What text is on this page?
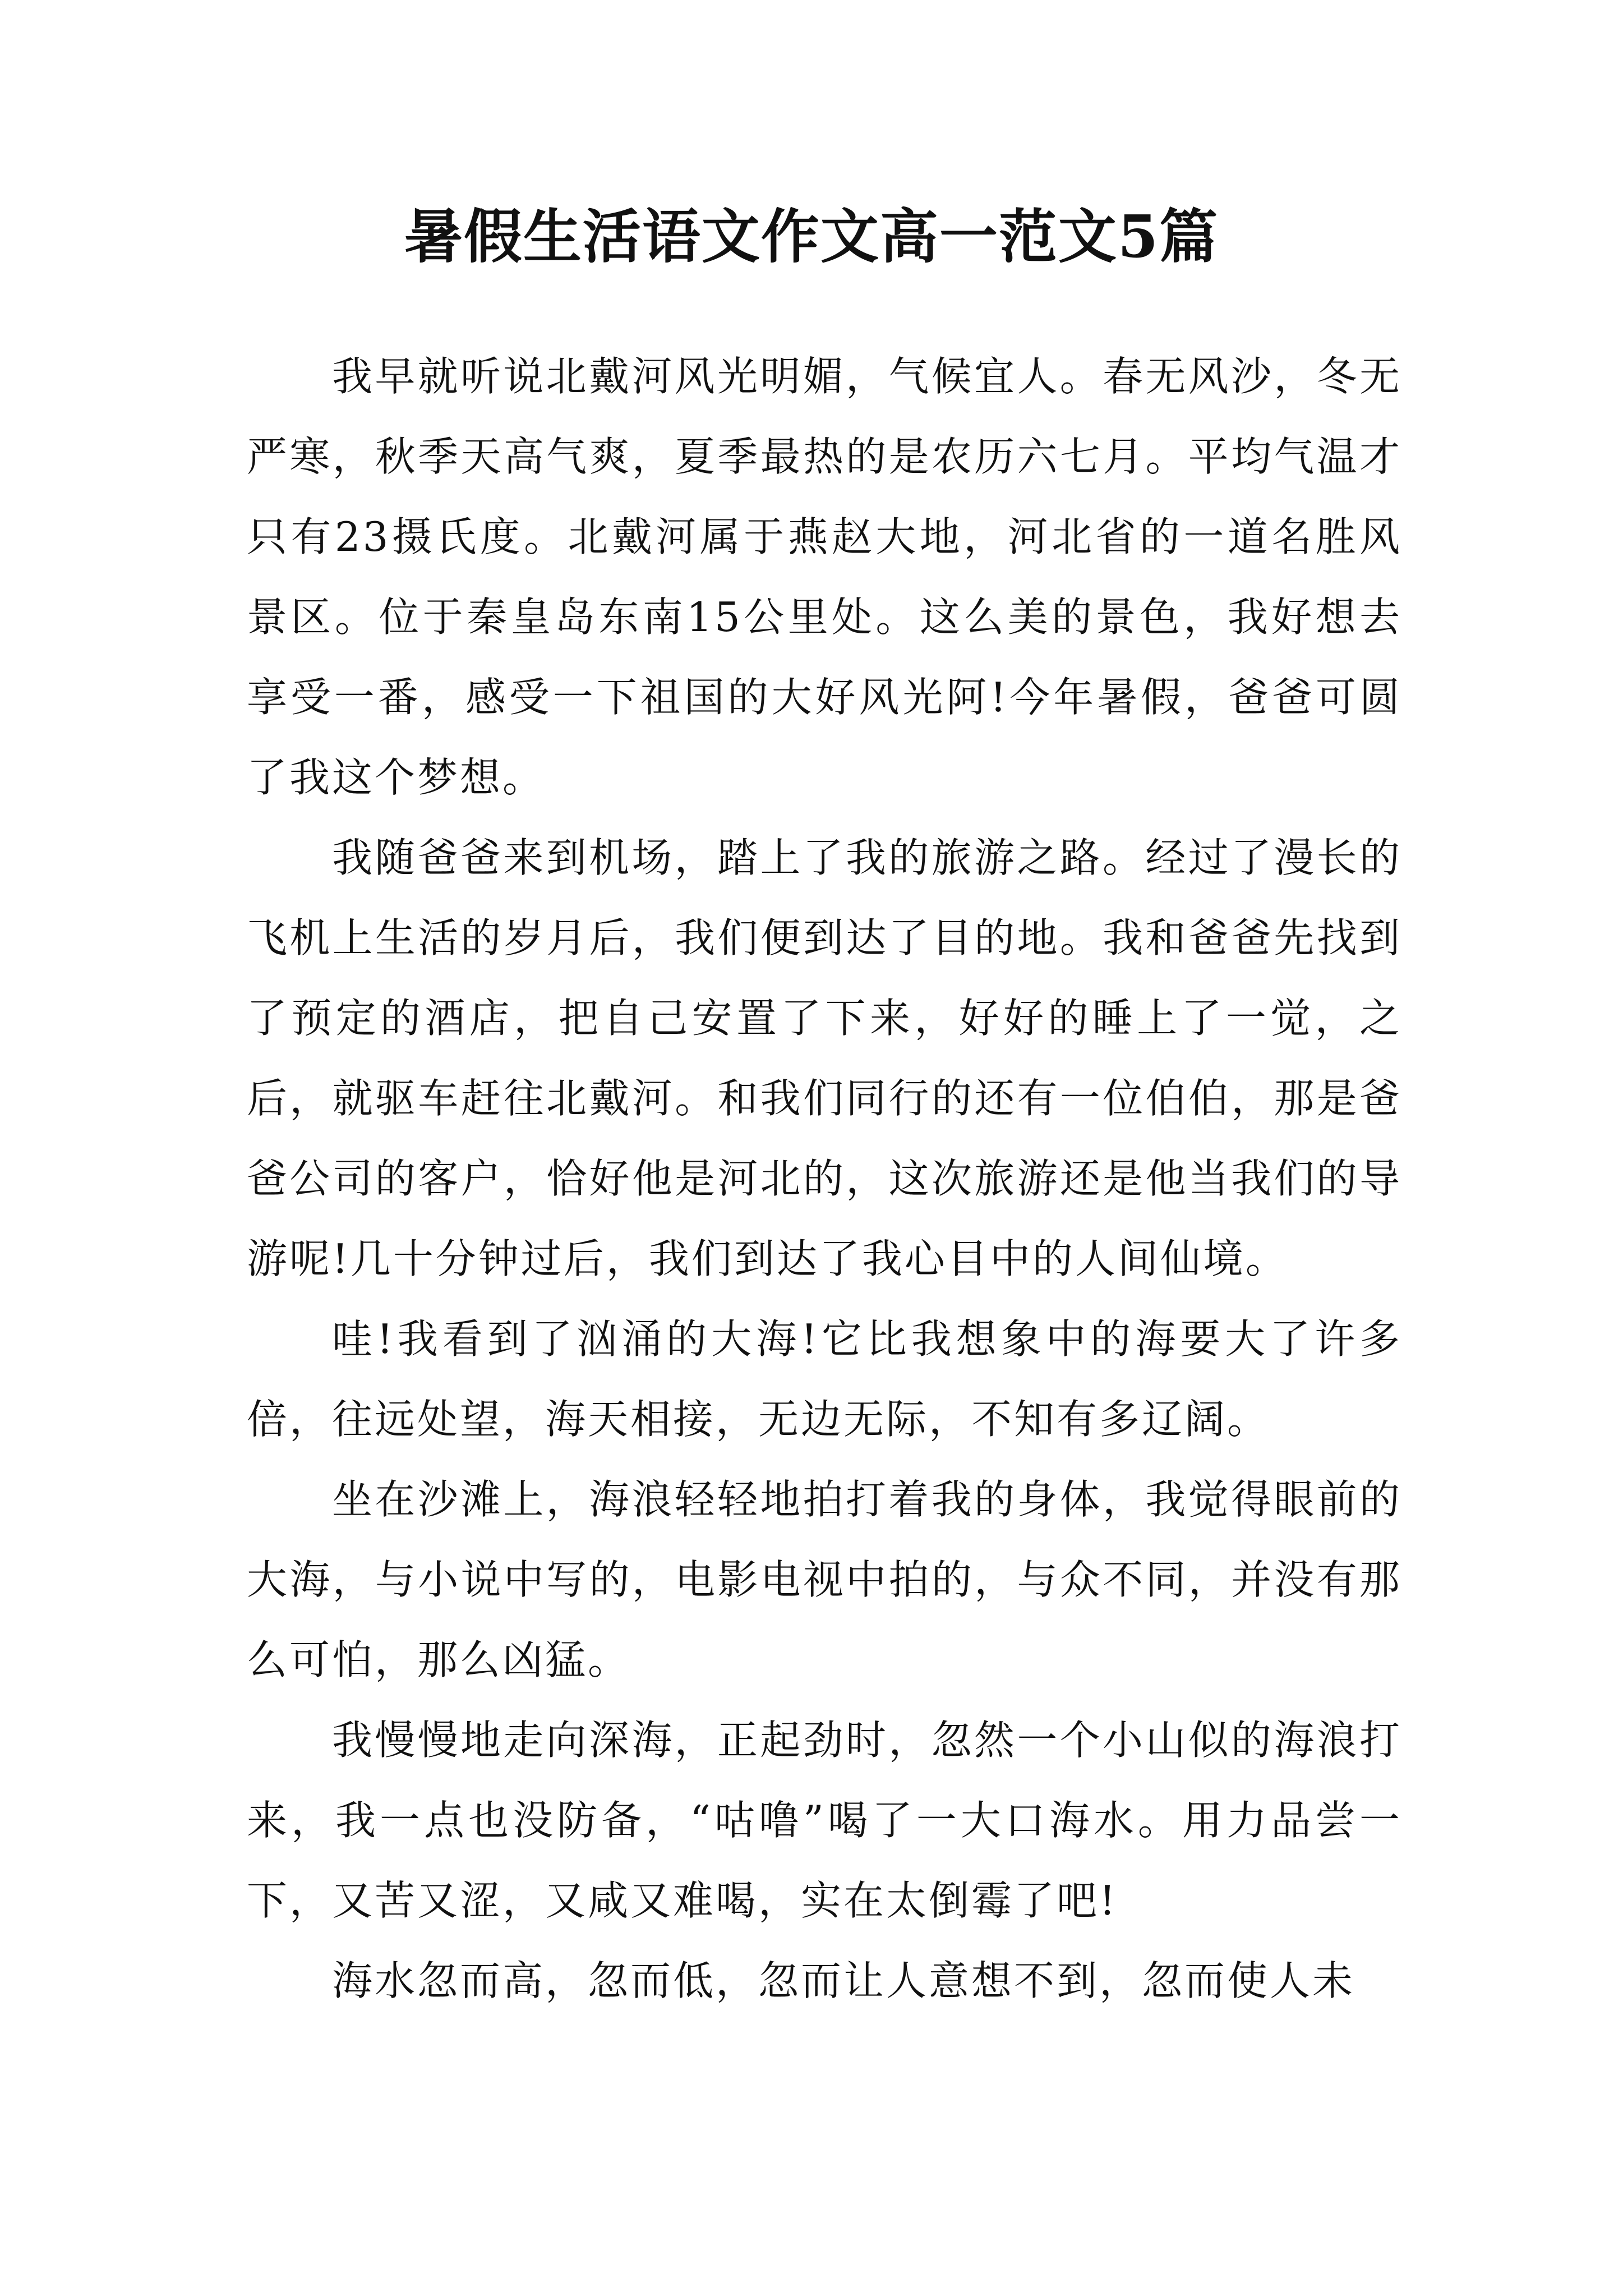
暑假生活语文作文高一范文5篇

我早就听说北戴河风光明媚，气候宜人。春无风沙，冬无严寒，秋季天高气爽，夏季最热的是农历六七月。平均气温才只有23摄氏度。北戴河属于燕赵大地，河北省的一道名胜风景区。位于秦皇岛东南15公里处。这么美的景色，我好想去享受一番，感受一下祖国的大好风光阿!今年暑假，爸爸可圆了我这个梦想。

我随爸爸来到机场，踏上了我的旅游之路。经过了漫长的飞机上生活的岁月后，我们便到达了目的地。我和爸爸先找到了预定的酒店，把自己安置了下来，好好的睡上了一觉，之后，就驱车赶往北戴河。和我们同行的还有一位伯伯，那是爸爸公司的客户，恰好他是河北的，这次旅游还是他当我们的导游呢!几十分钟过后，我们到达了我心目中的人间仙境。

哇!我看到了汹涌的大海!它比我想象中的海要大了许多倍，往远处望，海天相接，无边无际，不知有多辽阔。

坐在沙滩上，海浪轻轻地拍打着我的身体，我觉得眼前的大海，与小说中写的，电影电视中拍的，与众不同，并没有那么可怕，那么凶猛。

我慢慢地走向深海，正起劲时，忽然一个小山似的海浪打来，我一点也没防备，“咕噜”喝了一大口海水。用力品尝一下，又苦又涩，又咸又难喝，实在太倒霉了吧!

海水忽而高，忽而低，忽而让人意想不到，忽而使人未
